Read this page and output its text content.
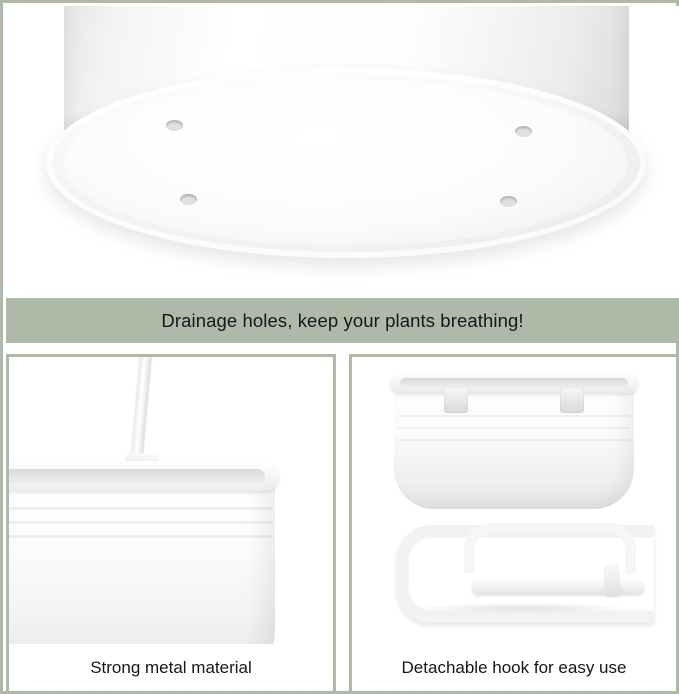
Drainage holes, keep your plants breathing!
Strong metal material	Detachable hook for easy use
